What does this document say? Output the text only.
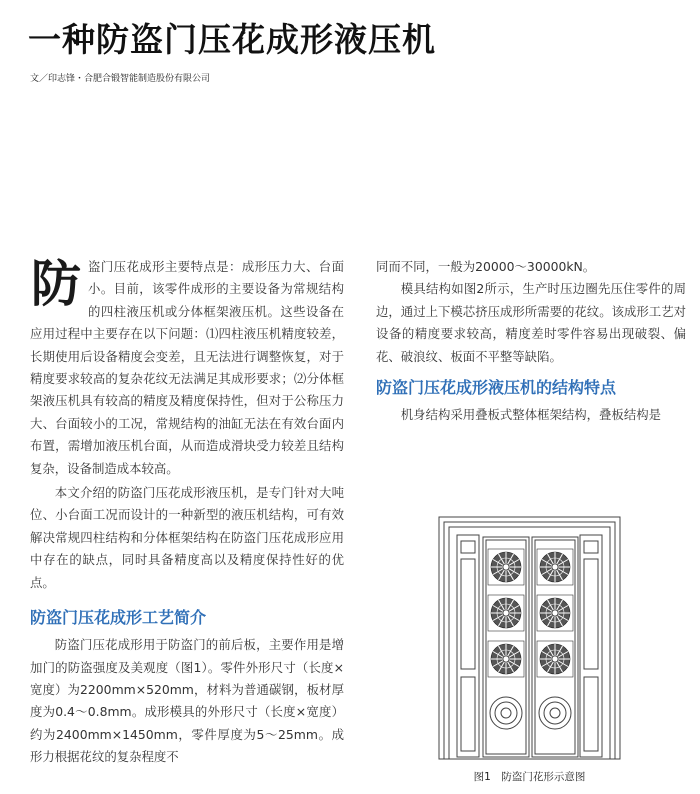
一种防盗门压花成形液压机
文／印志锋・合肥合锻智能制造股份有限公司

防盗门压花成形主要特点是：成形压力大、台面小。目前，该零件成形的主要设备为常规结构的四柱液压机或分体框架液压机。这些设备在应用过程中主要存在以下问题：⑴四柱液压机精度较差，长期使用后设备精度会变差，且无法进行调整恢复，对于精度要求较高的复杂花纹无法满足其成形要求；⑵分体框架液压机具有较高的精度及精度保持性，但对于公称压力大、台面较小的工况，常规结构的油缸无法在有效台面内布置，需增加液压机台面，从而造成滑块受力较差且结构复杂，设备制造成本较高。

本文介绍的防盗门压花成形液压机，是专门针对大吨位、小台面工况而设计的一种新型的液压机结构，可有效解决常规四柱结构和分体框架结构在防盗门压花成形应用中存在的缺点，同时具备精度高以及精度保持性好的优点。

防盗门压花成形工艺简介

防盗门压花成形用于防盗门的前后板，主要作用是增加门的防盗强度及美观度（图1）。零件外形尺寸（长度×宽度）为2200mm×520mm，材料为普通碳钢，板材厚度为0.4～0.8mm。成形模具的外形尺寸（长度×宽度）约为2400mm×1450mm，零件厚度为5～25mm。成形力根据花纹的复杂程度不

同而不同，一般为20000～30000kN。

模具结构如图2所示，生产时压边圈先压住零件的周边，通过上下模芯挤压成形所需要的花纹。该成形工艺对设备的精度要求较高，精度差时零件容易出现破裂、偏花、破浪纹、板面不平整等缺陷。

防盗门压花成形液压机的结构特点

机身结构采用叠板式整体框架结构，叠板结构是

图1　防盗门花形示意图
